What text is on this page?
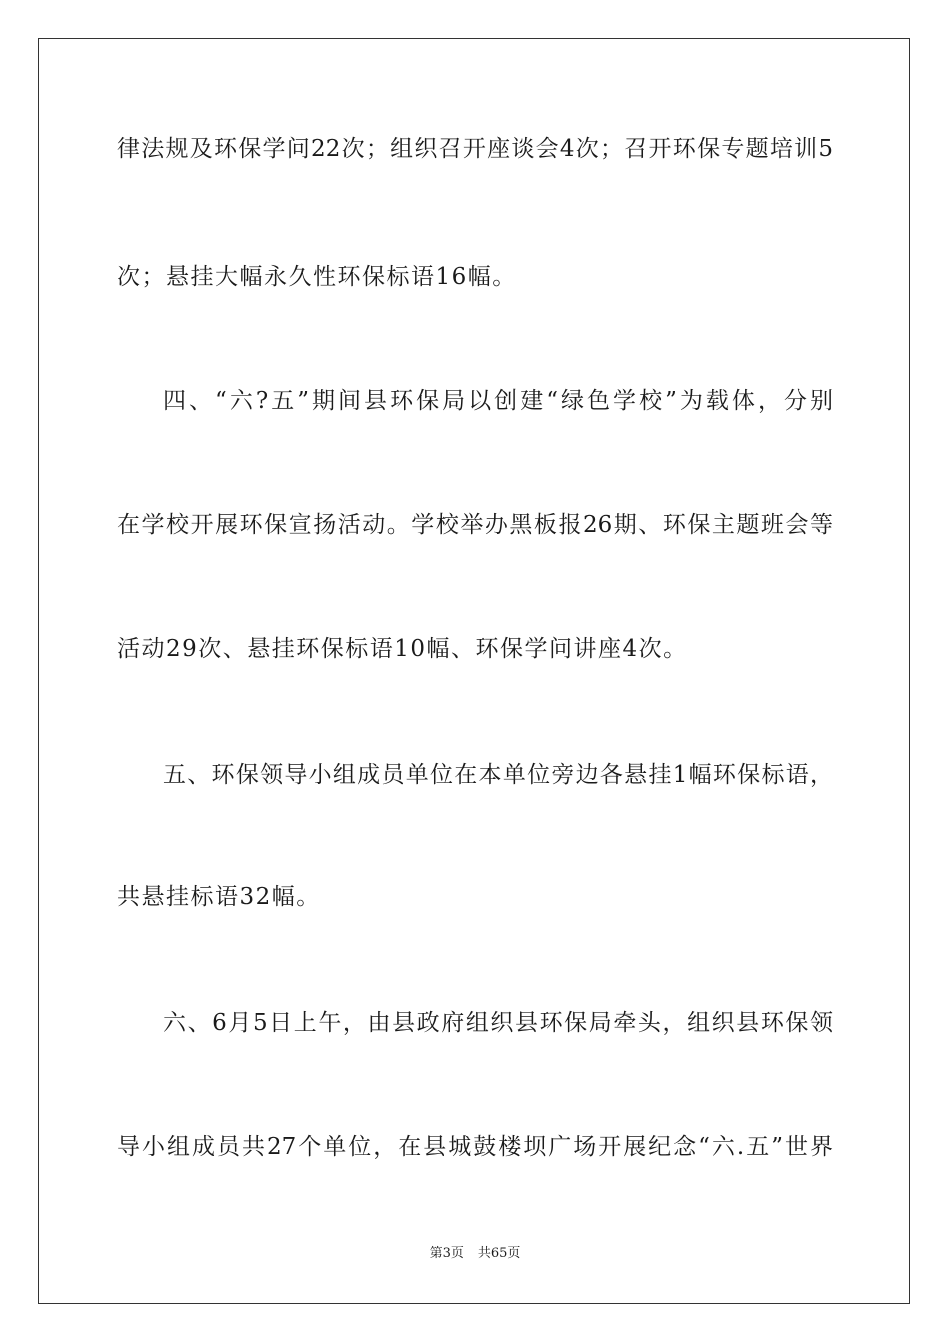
律法规及环保学问22次；组织召开座谈会4次；召开环保专题培训5
次；悬挂大幅永久性环保标语16幅。
四、“六?五”期间县环保局以创建“绿色学校”为载体，分别
在学校开展环保宣扬活动。学校举办黑板报26期、环保主题班会等
活动29次、悬挂环保标语10幅、环保学问讲座4次。
五、环保领导小组成员单位在本单位旁边各悬挂1幅环保标语，
共悬挂标语32幅。
六、6月5日上午，由县政府组织县环保局牵头，组织县环保领
导小组成员共27个单位，在县城鼓楼坝广场开展纪念“六.五”世界
第3页 共65页
